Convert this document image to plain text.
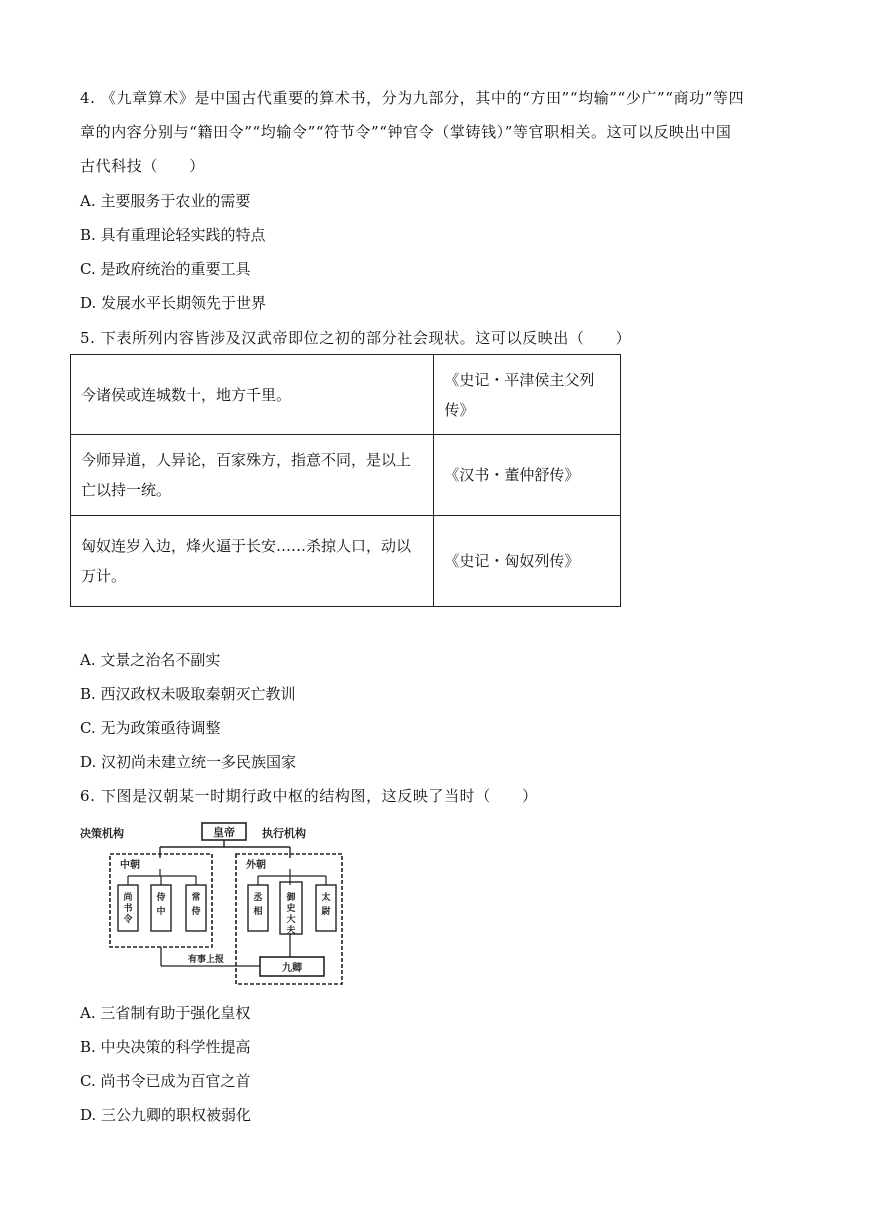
4. 《九章算术》是中国古代重要的算术书，分为九部分，其中的“方田”“均输”“少广”“商功”等四
章的内容分别与“籍田令”“均输令”“符节令”“钟官令（掌铸钱）”等官职相关。这可以反映出中国
古代科技（　　）
A. 主要服务于农业的需要
B. 具有重理论轻实践的特点
C. 是政府统治的重要工具
D. 发展水平长期领先于世界
5. 下表所列内容皆涉及汉武帝即位之初的部分社会现状。这可以反映出（　　）
今诸侯或连城数十，地方千里。	《史记・平津侯主父列传》
今师异道，人异论，百家殊方，指意不同，是以上亡以持一统。	《汉书・董仲舒传》
匈奴连岁入边，烽火逼于长安……杀掠人口，动以万计。	《史记・匈奴列传》
A. 文景之治名不副实
B. 西汉政权未吸取秦朝灭亡教训
C. 无为政策亟待调整
D. 汉初尚未建立统一多民族国家
6. 下图是汉朝某一时期行政中枢的结构图，这反映了当时（　　）
决策机构	执行机构
皇帝
中朝	外朝
尚书令
侍中
常侍
丞相
御史大夫
太尉
有事上报
九卿
A. 三省制有助于强化皇权
B. 中央决策的科学性提高
C. 尚书令已成为百官之首
D. 三公九卿的职权被弱化
